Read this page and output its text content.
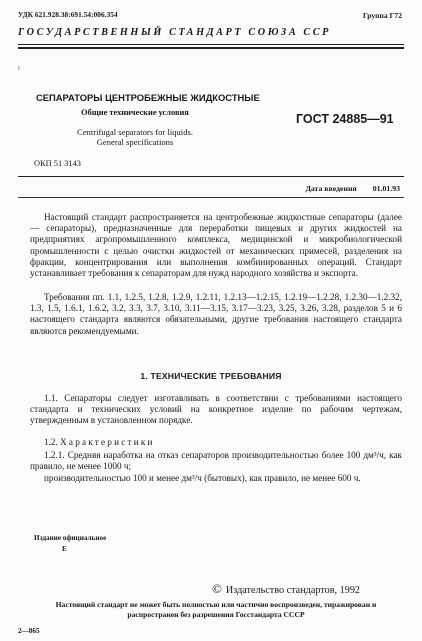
УДК 621.928.38:691.54:006.354	Группа Г72
ГОСУДАРСТВЕННЫЙ СТАНДАРТ СОЮЗА ССР
г
СЕПАРАТОРЫ ЦЕНТРОБЕЖНЫЕ ЖИДКОСТНЫЕ
Общие технические условия
Centrifugal separators for liquids.
General specifications
ГОСТ 24885—91
ОКП 51 3143
Дата введения 01.01.93
Настоящий стандарт распространяется на центробежные жидкостные сепараторы (далее — сепараторы), предназначенные для переработки пищевых и других жидкостей на предприятиях агропромышленного комплекса, медицинской и микробиологической промышленности с целью очистки жидкостей от механических примесей, разделения на фракции, концентрирования или выполнения комбинированных операций. Стандарт устанавливает требования к сепараторам для нужд народного хозяйства и экспорта.
Требования пп. 1.1, 1.2.5, 1.2.8, 1.2.9, 1.2.11, 1.2.13—1.2.15, 1.2.19—1.2.28, 1.2.30—1.2.32, 1.3, 1.5, 1.6.1, 1.6.2, 3.2, 3.3, 3.7, 3.10, 3.11—3.15, 3.17—3.23, 3.25, 3.26, 3.28, разделов 5 и 6 настоящего стандарта являются обязательными, другие требования настоящего стандарта являются рекомендуемыми.
1. ТЕХНИЧЕСКИЕ ТРЕБОВАНИЯ
1.1. Сепараторы следует изготавливать в соответствии с требованиями настоящего стандарта и технических условий на конкретное изделие по рабочим чертежам, утвержденным в установленном порядке.
1.2. Характеристики
1.2.1. Средняя наработка на отказ сепараторов производительностью более 100 дм³/ч, как правило, не менее 1000 ч;
производительностью 100 и менее дм³/ч (бытовых), как правило, не менее 600 ч.
Издание официальное
Е
© Издательство стандартов, 1992
Настоящий стандарт не может быть полностью или частично воспроизведен, тиражирован и распространен без разрешения Госстандарта СССР
2—865
